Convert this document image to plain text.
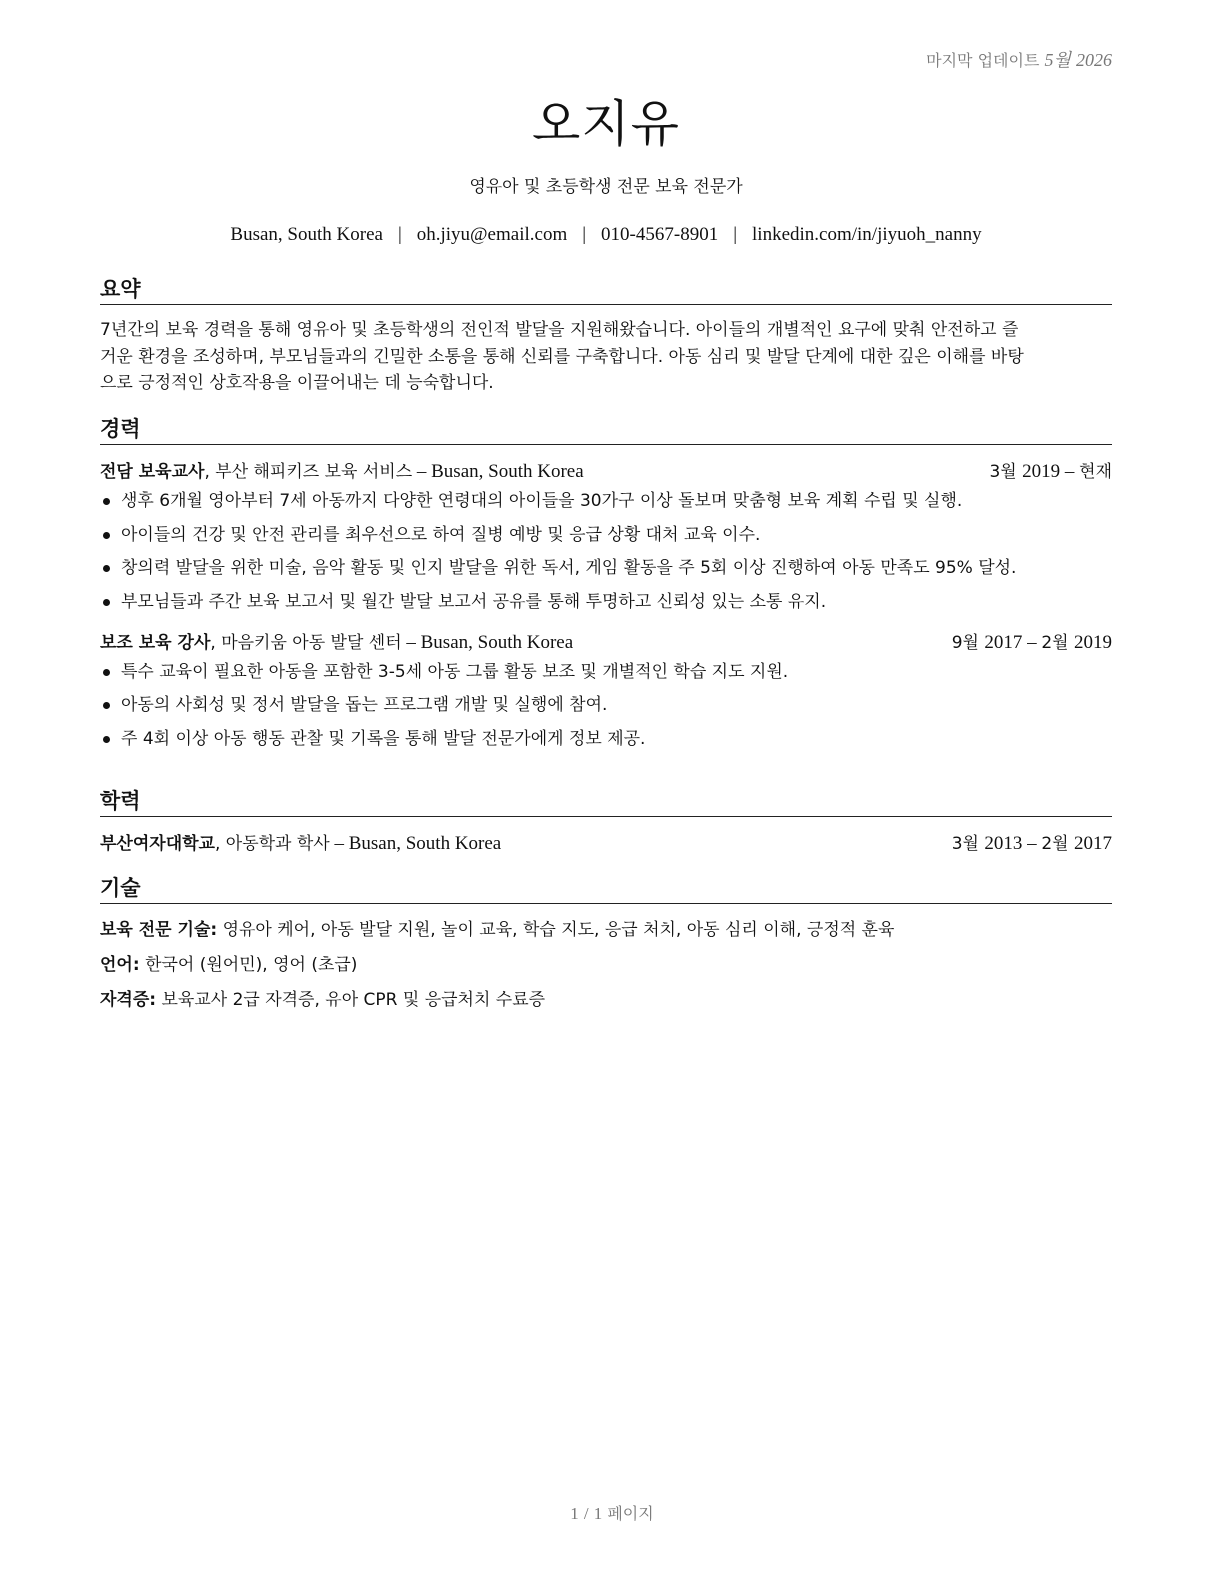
마지막 업데이트 5월 2026
오지유
영유아 및 초등학생 전문 보육 전문가
Busan, South Korea | oh.jiyu@email.com | 010-4567-8901 | linkedin.com/in/jiyuoh_nanny
요약
7년간의 보육 경력을 통해 영유아 및 초등학생의 전인적 발달을 지원해왔습니다. 아이들의 개별적인 요구에 맞춰 안전하고 즐
거운 환경을 조성하며, 부모님들과의 긴밀한 소통을 통해 신뢰를 구축합니다. 아동 심리 및 발달 단계에 대한 깊은 이해를 바탕
으로 긍정적인 상호작용을 이끌어내는 데 능숙합니다.
경력
전담 보육교사, 부산 해피키즈 보육 서비스 – Busan, South Korea	3월 2019 – 현재
생후 6개월 영아부터 7세 아동까지 다양한 연령대의 아이들을 30가구 이상 돌보며 맞춤형 보육 계획 수립 및 실행.
아이들의 건강 및 안전 관리를 최우선으로 하여 질병 예방 및 응급 상황 대처 교육 이수.
창의력 발달을 위한 미술, 음악 활동 및 인지 발달을 위한 독서, 게임 활동을 주 5회 이상 진행하여 아동 만족도 95% 달성.
부모님들과 주간 보육 보고서 및 월간 발달 보고서 공유를 통해 투명하고 신뢰성 있는 소통 유지.
보조 보육 강사, 마음키움 아동 발달 센터 – Busan, South Korea	9월 2017 – 2월 2019
특수 교육이 필요한 아동을 포함한 3-5세 아동 그룹 활동 보조 및 개별적인 학습 지도 지원.
아동의 사회성 및 정서 발달을 돕는 프로그램 개발 및 실행에 참여.
주 4회 이상 아동 행동 관찰 및 기록을 통해 발달 전문가에게 정보 제공.
학력
부산여자대학교, 아동학과 학사 – Busan, South Korea	3월 2013 – 2월 2017
기술
보육 전문 기술: 영유아 케어, 아동 발달 지원, 놀이 교육, 학습 지도, 응급 처치, 아동 심리 이해, 긍정적 훈육
언어: 한국어 (원어민), 영어 (초급)
자격증: 보육교사 2급 자격증, 유아 CPR 및 응급처치 수료증
1 / 1 페이지
